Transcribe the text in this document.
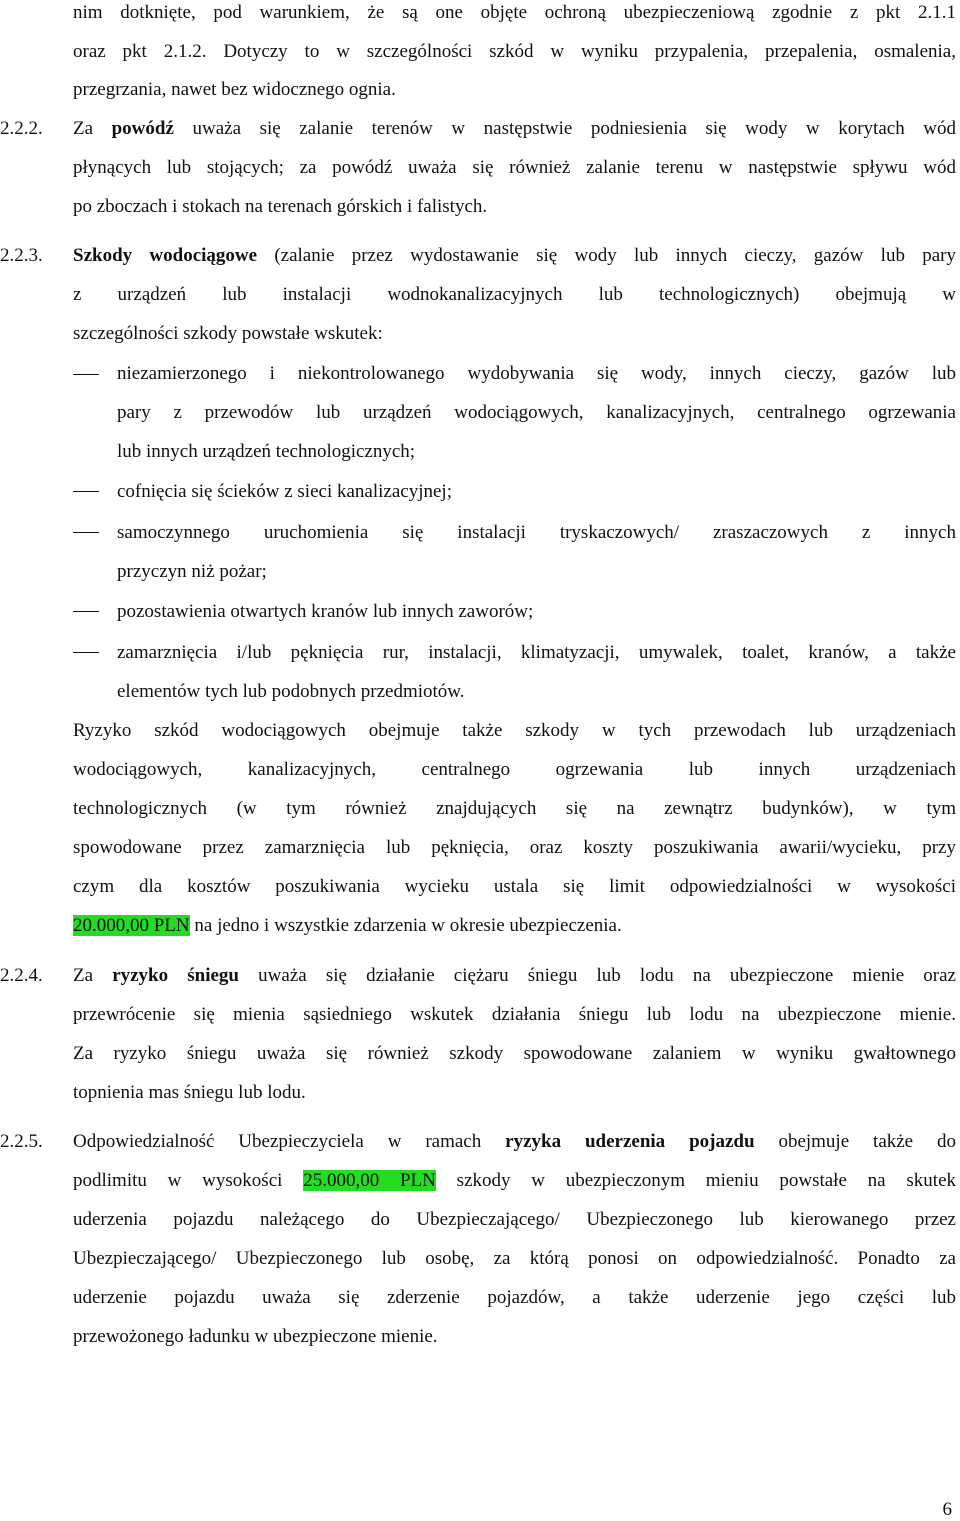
nim dotknięte, pod warunkiem, że są one objęte ochroną ubezpieczeniową zgodnie z pkt 2.1.1
oraz pkt 2.1.2. Dotyczy to w szczególności szkód w wyniku przypalenia, przepalenia, osmalenia,
przegrzania, nawet bez widocznego ognia.
2.2.2.	Za powódź uważa się zalanie terenów w następstwie podniesienia się wody w korytach wód
płynących lub stojących; za powódź uważa się również zalanie terenu w następstwie spływu wód
po zboczach i stokach na terenach górskich i falistych.
2.2.3.	Szkody wodociągowe (zalanie przez wydostawanie się wody lub innych cieczy, gazów lub pary
z urządzeń lub instalacji wodnokanalizacyjnych lub technologicznych) obejmują w
szczególności szkody powstałe wskutek:
niezamierzonego i niekontrolowanego wydobywania się wody, innych cieczy, gazów lub
pary z przewodów lub urządzeń wodociągowych, kanalizacyjnych, centralnego ogrzewania
lub innych urządzeń technologicznych;
cofnięcia się ścieków z sieci kanalizacyjnej;
samoczynnego uruchomienia się instalacji tryskaczowych/ zraszaczowych z innych
przyczyn niż pożar;
pozostawienia otwartych kranów lub innych zaworów;
zamarznięcia i/lub pęknięcia rur, instalacji, klimatyzacji, umywalek, toalet, kranów, a także
elementów tych lub podobnych przedmiotów.
Ryzyko szkód wodociągowych obejmuje także szkody w tych przewodach lub urządzeniach
wodociągowych, kanalizacyjnych, centralnego ogrzewania lub innych urządzeniach
technologicznych (w tym również znajdujących się na zewnątrz budynków), w tym
spowodowane przez zamarznięcia lub pęknięcia, oraz koszty poszukiwania awarii/wycieku, przy
czym dla kosztów poszukiwania wycieku ustala się limit odpowiedzialności w wysokości
20.000,00 PLN na jedno i wszystkie zdarzenia w okresie ubezpieczenia.
2.2.4.	Za ryzyko śniegu uważa się działanie ciężaru śniegu lub lodu na ubezpieczone mienie oraz
przewrócenie się mienia sąsiedniego wskutek działania śniegu lub lodu na ubezpieczone mienie.
Za ryzyko śniegu uważa się również szkody spowodowane zalaniem w wyniku gwałtownego
topnienia mas śniegu lub lodu.
2.2.5.	Odpowiedzialność Ubezpieczyciela w ramach ryzyka uderzenia pojazdu obejmuje także do
podlimitu w wysokości 25.000,00 PLN szkody w ubezpieczonym mieniu powstałe na skutek
uderzenia pojazdu należącego do Ubezpieczającego/ Ubezpieczonego lub kierowanego przez
Ubezpieczającego/ Ubezpieczonego lub osobę, za którą ponosi on odpowiedzialność. Ponadto za
uderzenie pojazdu uważa się zderzenie pojazdów, a także uderzenie jego części lub
przewożonego ładunku w ubezpieczone mienie.
6
